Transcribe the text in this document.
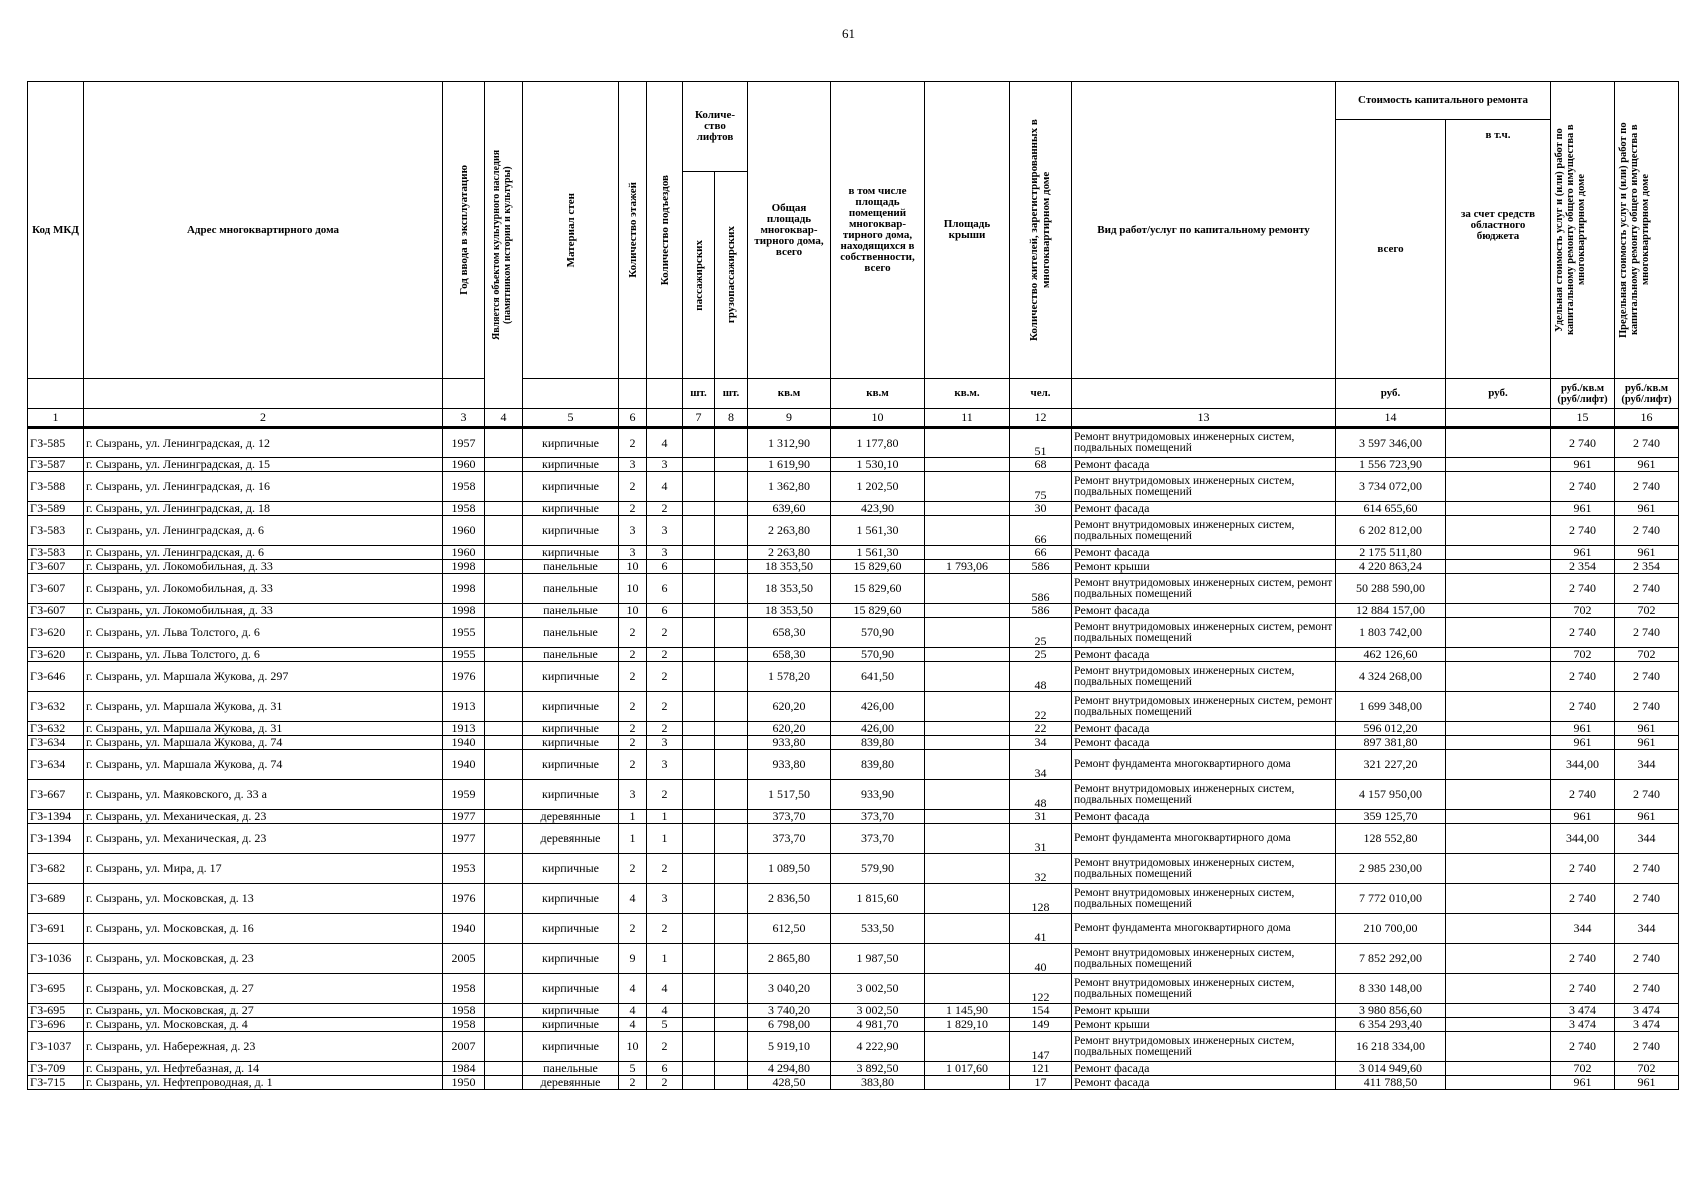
61
Код МКД	Адрес многоквартирного дома	Год ввода в эксплуатацию	Является объектом культурного наследия (памятником истории и культуры)	Материал стен	Количество этажей	Количество подъездов	Количе-ство лифтов		Общая площадь многоквар-тирного дома, всего	в том числе площадь помещений многоквар-тирного дома, находящихся в собственности, всего	Площадь крыши	Количество жителей, зарегистрированных в многоквартирном доме	Вид работ/услуг по капитальному ремонту	Стоимость капитального ремонта		Удельная стоимость услуг и (или) работ по капитальному ремонту общего имущества в многоквартирном доме	Предельная стоимость услуг и (или) работ по капитальному ремонту общего имущества в многоквартирном доме

														всего	в т.ч.
за счет средств областного бюджета		

							пассажирских	грузопассажирских									

							шт.	шт.	кв.м	кв.м	кв.м.	чел.		руб.	руб.	руб./кв.м (руб/лифт)	руб./кв.м (руб/лифт)
1	2	3	4	5	6		7	8	9	10	11	12	13	14		15	16
ГЗ-585	г. Сызрань, ул. Ленинградская, д. 12	1957		кирпичные	2	4			1 312,90	1 177,80		51	Ремонт внутридомовых инженерных систем, подвальных помещений	3 597 346,00		2 740	2 740
ГЗ-587	г. Сызрань, ул. Ленинградская, д. 15	1960		кирпичные	3	3			1 619,90	1 530,10		68	Ремонт фасада	1 556 723,90		961	961
ГЗ-588	г. Сызрань, ул. Ленинградская, д. 16	1958		кирпичные	2	4			1 362,80	1 202,50		75	Ремонт внутридомовых инженерных систем, подвальных помещений	3 734 072,00		2 740	2 740
ГЗ-589	г. Сызрань, ул. Ленинградская, д. 18	1958		кирпичные	2	2			639,60	423,90		30	Ремонт фасада	614 655,60		961	961
ГЗ-583	г. Сызрань, ул. Ленинградская, д. 6	1960		кирпичные	3	3			2 263,80	1 561,30		66	Ремонт внутридомовых инженерных систем, подвальных помещений	6 202 812,00		2 740	2 740
ГЗ-583	г. Сызрань, ул. Ленинградская, д. 6	1960		кирпичные	3	3			2 263,80	1 561,30		66	Ремонт фасада	2 175 511,80		961	961
ГЗ-607	г. Сызрань, ул. Локомобильная, д. 33	1998		панельные	10	6			18 353,50	15 829,60	1 793,06	586	Ремонт крыши	4 220 863,24		2 354	2 354
ГЗ-607	г. Сызрань, ул. Локомобильная, д. 33	1998		панельные	10	6			18 353,50	15 829,60		586	Ремонт внутридомовых инженерных систем, ремонт подвальных помещений	50 288 590,00		2 740	2 740
ГЗ-607	г. Сызрань, ул. Локомобильная, д. 33	1998		панельные	10	6			18 353,50	15 829,60		586	Ремонт фасада	12 884 157,00		702	702
ГЗ-620	г. Сызрань, ул. Льва Толстого, д. 6	1955		панельные	2	2			658,30	570,90		25	Ремонт внутридомовых инженерных систем, ремонт подвальных помещений	1 803 742,00		2 740	2 740
ГЗ-620	г. Сызрань, ул. Льва Толстого, д. 6	1955		панельные	2	2			658,30	570,90		25	Ремонт фасада	462 126,60		702	702
ГЗ-646	г. Сызрань, ул. Маршала Жукова, д. 297	1976		кирпичные	2	2			1 578,20	641,50		48	Ремонт внутридомовых инженерных систем, подвальных помещений	4 324 268,00		2 740	2 740
ГЗ-632	г. Сызрань, ул. Маршала Жукова, д. 31	1913		кирпичные	2	2			620,20	426,00		22	Ремонт внутридомовых инженерных систем, ремонт подвальных помещений	1 699 348,00		2 740	2 740
ГЗ-632	г. Сызрань, ул. Маршала Жукова, д. 31	1913		кирпичные	2	2			620,20	426,00		22	Ремонт фасада	596 012,20		961	961
ГЗ-634	г. Сызрань, ул. Маршала Жукова, д. 74	1940		кирпичные	2	3			933,80	839,80		34	Ремонт фасада	897 381,80		961	961
ГЗ-634	г. Сызрань, ул. Маршала Жукова, д. 74	1940		кирпичные	2	3			933,80	839,80		34	Ремонт фундамента многоквартирного дома	321 227,20		344,00	344
ГЗ-667	г. Сызрань, ул. Маяковского, д. 33 а	1959		кирпичные	3	2			1 517,50	933,90		48	Ремонт внутридомовых инженерных систем, подвальных помещений	4 157 950,00		2 740	2 740
ГЗ-1394	г. Сызрань, ул. Механическая, д. 23	1977		деревянные	1	1			373,70	373,70		31	Ремонт фасада	359 125,70		961	961
ГЗ-1394	г. Сызрань, ул. Механическая, д. 23	1977		деревянные	1	1			373,70	373,70		31	Ремонт фундамента многоквартирного дома	128 552,80		344,00	344
ГЗ-682	г. Сызрань, ул. Мира, д. 17	1953		кирпичные	2	2			1 089,50	579,90		32	Ремонт внутридомовых инженерных систем, подвальных помещений	2 985 230,00		2 740	2 740
ГЗ-689	г. Сызрань, ул. Московская, д. 13	1976		кирпичные	4	3			2 836,50	1 815,60		128	Ремонт внутридомовых инженерных систем, подвальных помещений	7 772 010,00		2 740	2 740
ГЗ-691	г. Сызрань, ул. Московская, д. 16	1940		кирпичные	2	2			612,50	533,50		41	Ремонт фундамента многоквартирного дома	210 700,00		344	344
ГЗ-1036	г. Сызрань, ул. Московская, д. 23	2005		кирпичные	9	1			2 865,80	1 987,50		40	Ремонт внутридомовых инженерных систем, подвальных помещений	7 852 292,00		2 740	2 740
ГЗ-695	г. Сызрань, ул. Московская, д. 27	1958		кирпичные	4	4			3 040,20	3 002,50		122	Ремонт внутридомовых инженерных систем, подвальных помещений	8 330 148,00		2 740	2 740
ГЗ-695	г. Сызрань, ул. Московская, д. 27	1958		кирпичные	4	4			3 740,20	3 002,50	1 145,90	154	Ремонт крыши	3 980 856,60		3 474	3 474
ГЗ-696	г. Сызрань, ул. Московская, д. 4	1958		кирпичные	4	5			6 798,00	4 981,70	1 829,10	149	Ремонт крыши	6 354 293,40		3 474	3 474
ГЗ-1037	г. Сызрань, ул. Набережная, д. 23	2007		кирпичные	10	2			5 919,10	4 222,90		147	Ремонт внутридомовых инженерных систем, подвальных помещений	16 218 334,00		2 740	2 740
ГЗ-709	г. Сызрань, ул. Нефтебазная, д. 14	1984		панельные	5	6			4 294,80	3 892,50	1 017,60	121	Ремонт фасада	3 014 949,60		702	702
ГЗ-715	г. Сызрань, ул. Нефтепроводная, д. 1	1950		деревянные	2	2			428,50	383,80		17	Ремонт фасада	411 788,50		961	961
